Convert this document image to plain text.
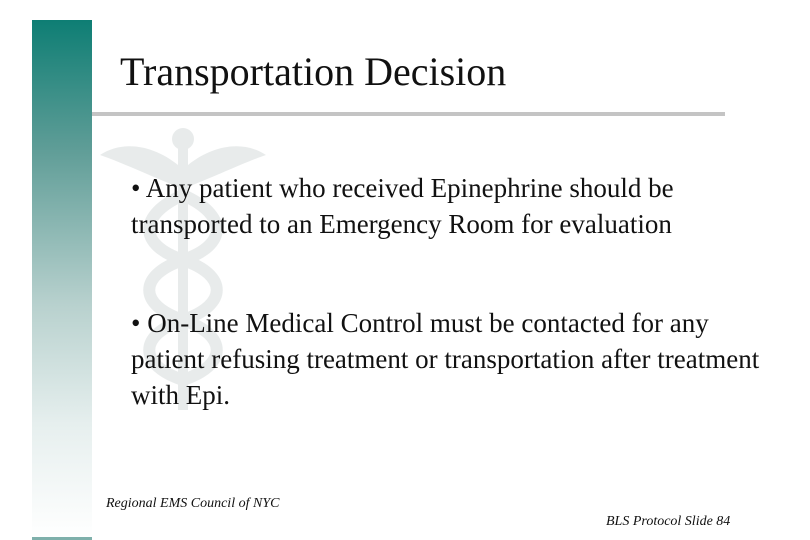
Transportation Decision

• Any patient who received Epinephrine should be transported to an Emergency Room for evaluation

• On-Line Medical Control must be contacted for any patient refusing treatment or transportation after treatment with Epi.

Regional EMS Council of NYC
BLS Protocol Slide 84
